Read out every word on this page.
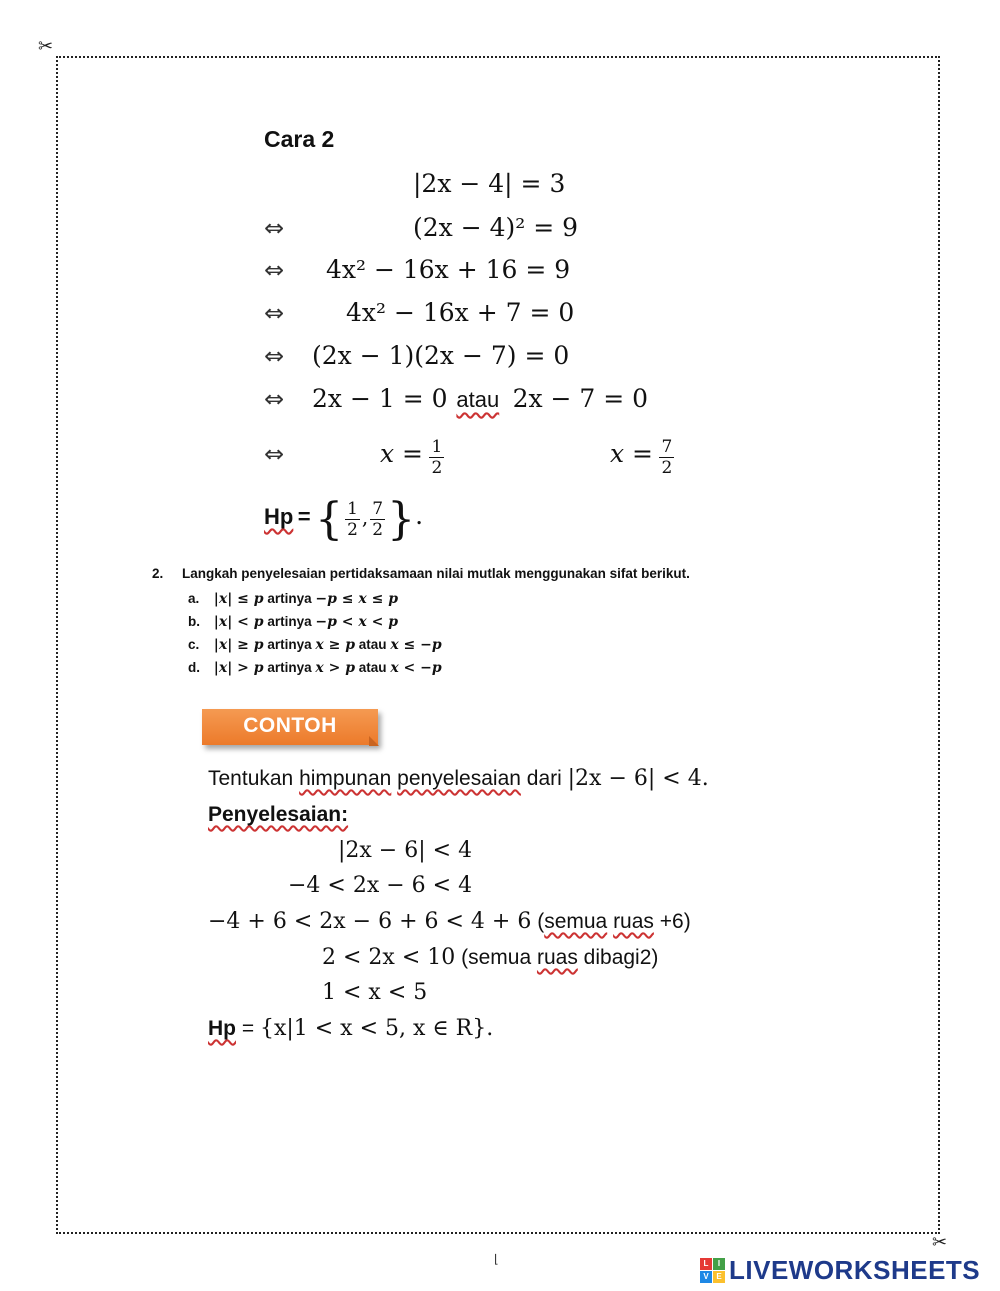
✂
✂
Cara 2
|2x − 4| = 3
⇔	(2x − 4)² = 9
⇔	4x² − 16x + 16 = 9
⇔	4x² − 16x + 7 = 0
⇔	(2x − 1)(2x − 7) = 0
⇔	2x − 1 = 0 atau 2x − 7 = 0
⇔	$x = \frac{1}{2}$	$x = \frac{7}{2}$
Hp = { $\frac{1}{2}$ , $\frac{7}{2}$ }.
2. Langkah penyelesaian pertidaksamaan nilai mutlak menggunakan sifat berikut.
a. |x| ≤ p artinya −p ≤ x ≤ p
b. |x| < p artinya −p < x < p
c. |x| ≥ p artinya x ≥ p atau x ≤ −p
d. |x| > p artinya x > p atau x < −p
CONTOH
Tentukan himpunan penyelesaian dari |2x − 6| < 4.
Penyelesaian:
|2x − 6| < 4
−4 < 2x − 6 < 4
−4 + 6 < 2x − 6 + 6 < 4 + 6 (semua ruas +6)
2 < 2x < 10 (semua ruas dibagi2)
1 < x < 5
Hp = {x|1 < x < 5, x ∈ R}.
⌊	L	I
V E LIVEWORKSHEETS
